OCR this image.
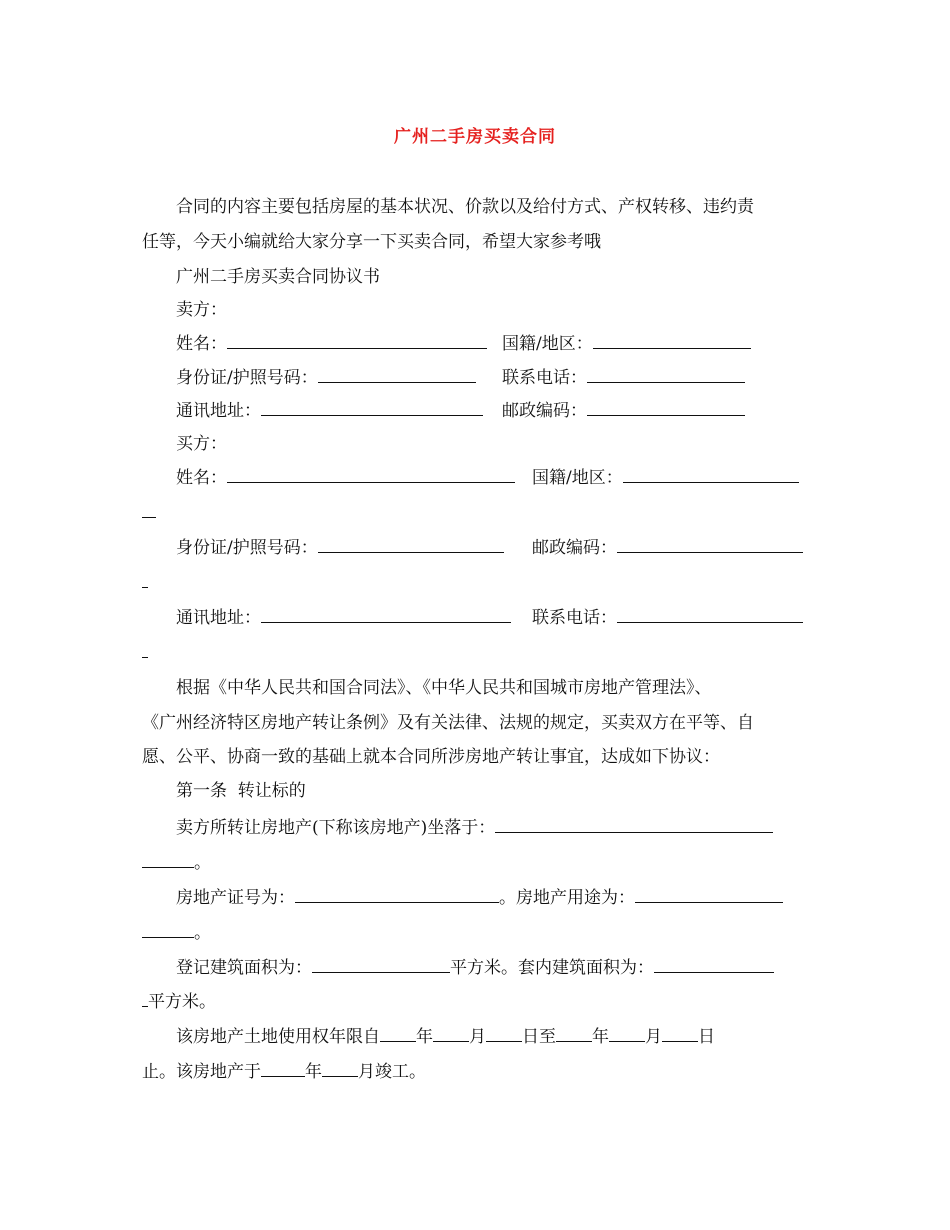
广州二手房买卖合同
合同的内容主要包括房屋的基本状况、价款以及给付方式、产权转移、违约责
任等，今天小编就给大家分享一下买卖合同，希望大家参考哦
广州二手房买卖合同协议书
卖方：
姓名：	国籍/地区：
身份证/护照号码：	联系电话：
通讯地址：	邮政编码：
买方：
姓名：	国籍/地区：
身份证/护照号码：	邮政编码：
通讯地址：	联系电话：
根据《中华人民共和国合同法》、《中华人民共和国城市房地产管理法》、
《广州经济特区房地产转让条例》及有关法律、法规的规定，买卖双方在平等、自
愿、公平、协商一致的基础上就本合同所涉房地产转让事宜，达成如下协议：
第一条  转让标的
卖方所转让房地产(下称该房地产)坐落于：
。
房地产证号为：	。房地产用途为：
。
登记建筑面积为：	平方米。套内建筑面积为：
平方米。
该房地产土地使用权年限自 年 月 日至 年 月 日
止。该房地产于	年 月竣工。
